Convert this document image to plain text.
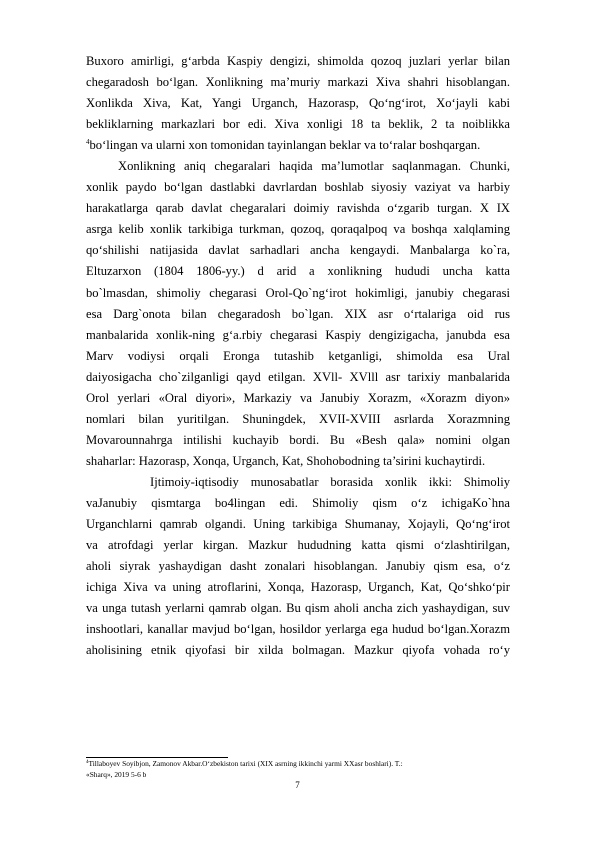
Buxoro amirligi, g‘arbda Kaspiy dengizi, shimolda qozoq juzlari yerlar bilan
chegaradosh bo‘lgan. Xonlikning ma’muriy markazi Xiva shahri hisoblangan.
Xonlikda Xiva, Kat, Yangi Urganch, Hazorasp, Qo‘ng‘irot, Xo‘jayli kabi
bekliklarning markazlari bor edi. Xiva xonligi 18 ta beklik, 2 ta noiblikka
$^4$bo‘lingan va ularni xon tomonidan tayinlangan beklar va to‘ralar boshqargan.
Xonlikning aniq chegaralari haqida ma’lumotlar saqlanmagan. Chunki,
xonlik paydo bo‘lgan dastlabki davrlardan boshlab siyosiy vaziyat va harbiy
harakatlarga qarab davlat chegaralari doimiy ravishda o‘zgarib turgan. X IX
asrga kelib xonlik tarkibiga turkman, qozoq, qoraqalpoq va boshqa xalqlaming
qo‘shilishi natijasida davlat sarhadlari ancha kengaydi. Manbalarga ko`ra,
Eltuzarxon (1804 1806-yy.) d arid a xonlikning hududi uncha katta
bo`lmasdan, shimoliy chegarasi Orol-Qo`ng‘irot hokimligi, janubiy chegarasi
esa Darg`onota bilan chegaradosh bo`lgan. XIX asr o‘rtalariga oid rus
manbalarida xonlik-ning g‘a.rbiy chegarasi Kaspiy dengizigacha, janubda esa
Marv vodiysi orqali Eronga tutashib ketganligi, shimolda esa Ural
daiyosigacha cho`zilganligi qayd etilgan. XVll- XVlll asr tarixiy manbalarida
Orol yerlari «Oral diyori», Markaziy va Janubiy Xorazm, «Xorazm diyon»
nomlari bilan yuritilgan. Shuningdek, XVII-XVIII asrlarda Xorazmning
Movarounnahrga intilishi kuchayib bordi. Bu «Besh qala» nomini olgan
shaharlar: Hazorasp, Xonqa, Urganch, Kat, Shohobodning ta’sirini kuchaytirdi.
Ijtimoiy-iqtisodiy munosabatlar borasida xonlik ikki: Shimoliy
vaJanubiy qismtarga bo4lingan edi. Shimoliy qism o‘z ichigaKo`hna
Urganchlarni qamrab olgandi. Uning tarkibiga Shumanay, Xojayli, Qo‘ng‘irot
va atrofdagi yerlar kirgan. Mazkur hududning katta qismi o‘zlashtirilgan,
aholi siyrak yashaydigan dasht zonalari hisoblangan. Janubiy qism esa, o‘z
ichiga Xiva va uning atroflarini, Xonqa, Hazorasp, Urganch, Kat, Qo‘shko‘pir
va unga tutash yerlarni qamrab olgan. Bu qism aholi ancha zich yashaydigan, suv
inshootlari, kanallar mavjud bo‘lgan, hosildor yerlarga ega hudud bo‘lgan.Xorazm
aholisining etnik qiyofasi bir xilda bolmagan. Mazkur qiyofa vohada ro‘y
$^4$Tillaboyev Soyibjon, Zamonov Akbar.O‘zbekiston tarixi (XIX asrning ikkinchi yarmi XXasr boshlari). T.:
«Sharq», 2019 5-6 b
7
